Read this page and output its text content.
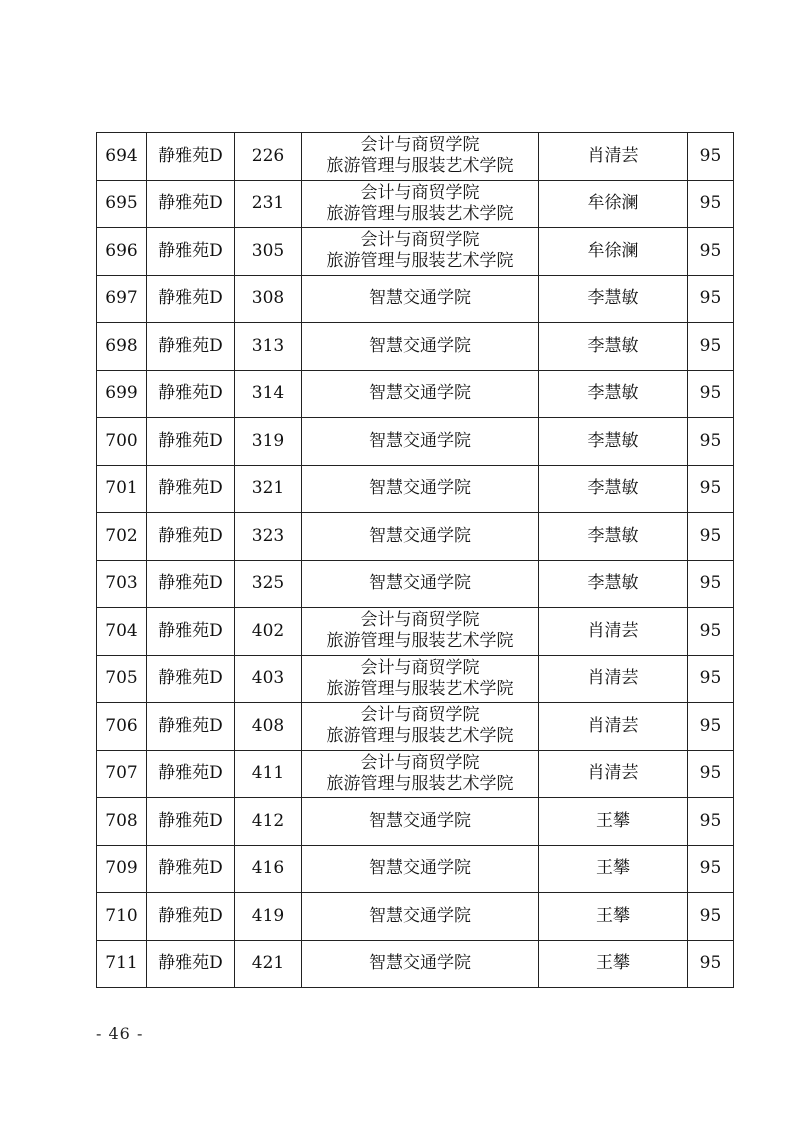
694	静雅苑D	226	会计与商贸学院
旅游管理与服装艺术学院	肖清芸	95
695	静雅苑D	231	会计与商贸学院
旅游管理与服装艺术学院	牟徐澜	95
696	静雅苑D	305	会计与商贸学院
旅游管理与服装艺术学院	牟徐澜	95
697	静雅苑D	308	智慧交通学院	李慧敏	95
698	静雅苑D	313	智慧交通学院	李慧敏	95
699	静雅苑D	314	智慧交通学院	李慧敏	95
700	静雅苑D	319	智慧交通学院	李慧敏	95
701	静雅苑D	321	智慧交通学院	李慧敏	95
702	静雅苑D	323	智慧交通学院	李慧敏	95
703	静雅苑D	325	智慧交通学院	李慧敏	95
704	静雅苑D	402	会计与商贸学院
旅游管理与服装艺术学院	肖清芸	95
705	静雅苑D	403	会计与商贸学院
旅游管理与服装艺术学院	肖清芸	95
706	静雅苑D	408	会计与商贸学院
旅游管理与服装艺术学院	肖清芸	95
707	静雅苑D	411	会计与商贸学院
旅游管理与服装艺术学院	肖清芸	95
708	静雅苑D	412	智慧交通学院	王攀	95
709	静雅苑D	416	智慧交通学院	王攀	95
710	静雅苑D	419	智慧交通学院	王攀	95
711	静雅苑D	421	智慧交通学院	王攀	95
- 46 -
